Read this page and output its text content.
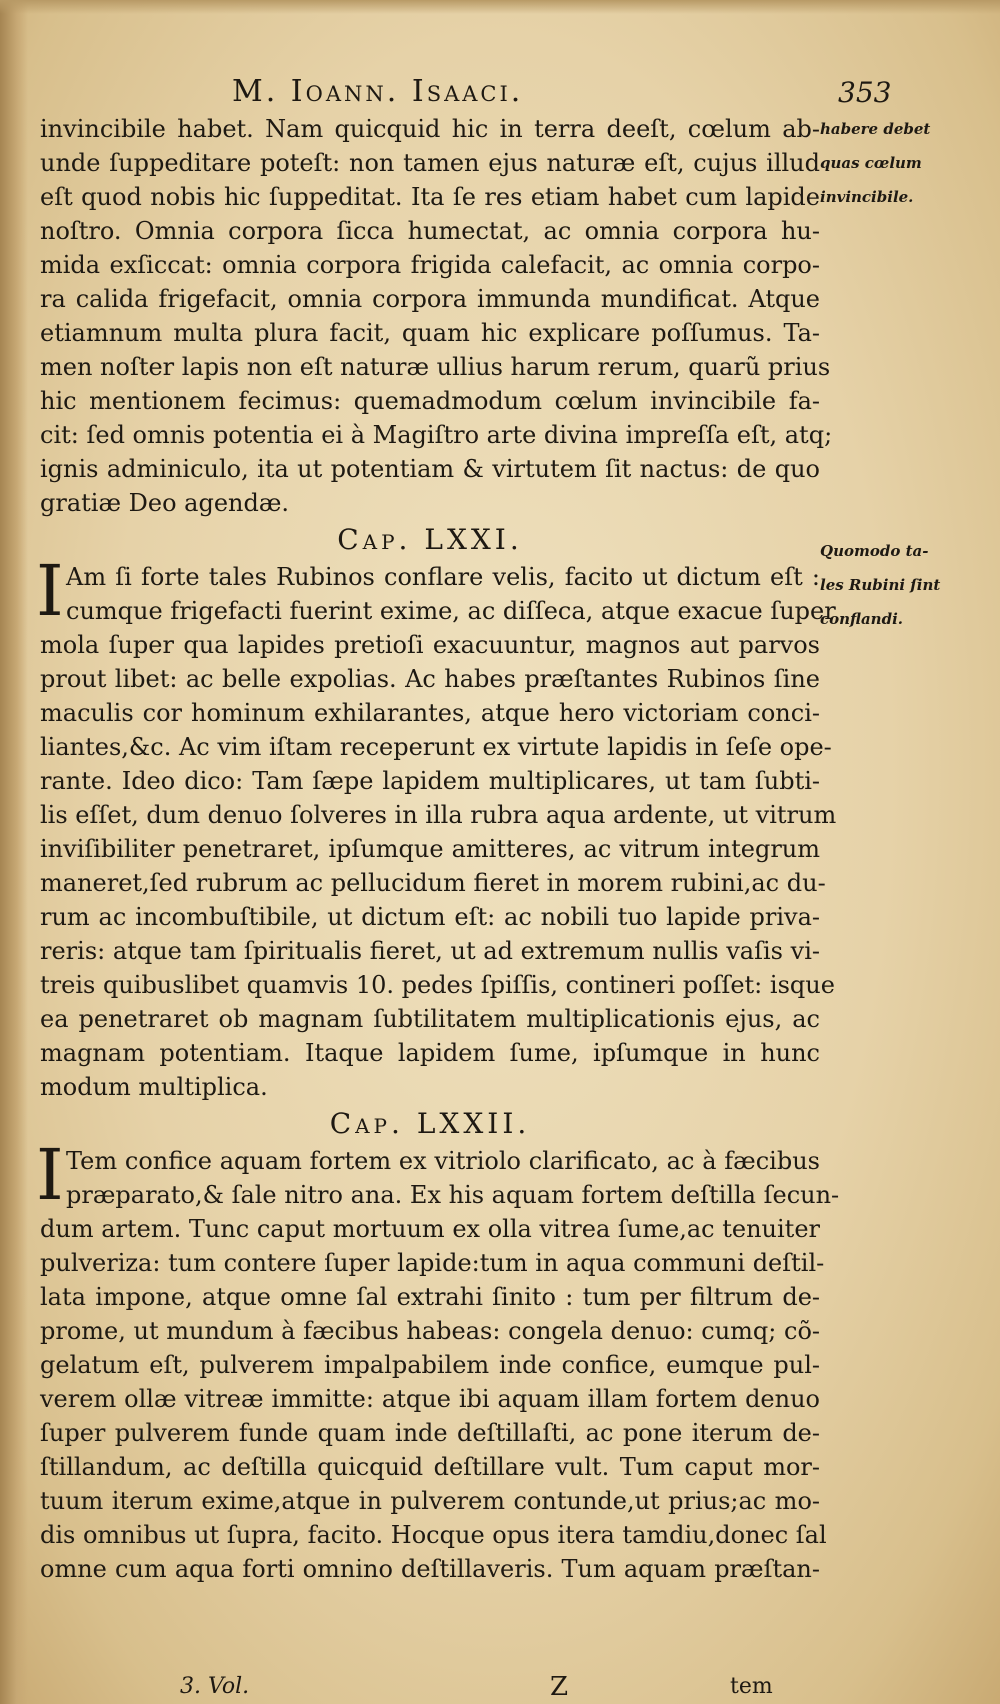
M. Ioann. Isaaci.	353
habere debet
quas cœlum
invincibile.
Quomodo ta-
les Rubini ſint
conflandi.
invincibile habet. Nam quicquid hic in terra deeſt, cœlum ab-
unde ſuppeditare poteſt: non tamen ejus naturæ eſt, cujus illud
eſt quod nobis hic ſuppeditat. Ita ſe res etiam habet cum lapide
noſtro. Omnia corpora ſicca humectat, ac omnia corpora hu-
mida exſiccat: omnia corpora frigida calefacit, ac omnia corpo-
ra calida frigefacit, omnia corpora immunda mundificat. Atque
etiamnum multa plura facit, quam hic explicare poſſumus. Ta-
men noſter lapis non eſt naturæ ullius harum rerum, quarũ prius
hic mentionem fecimus: quemadmodum cœlum invincibile fa-
cit: ſed omnis potentia ei à Magiſtro arte divina impreſſa eſt, atq;
ignis adminiculo, ita ut potentiam & virtutem ſit nactus: de quo
gratiæ Deo agendæ.
Cap. LXXI.
I Am ſi forte tales Rubinos conflare velis, facito ut dictum eſt :
cumque frigefacti fuerint exime, ac diſſeca, atque exacue ſuper
mola ſuper qua lapides pretioſi exacuuntur, magnos aut parvos
prout libet: ac belle expolias. Ac habes præſtantes Rubinos ſine
maculis cor hominum exhilarantes, atque hero victoriam conci-
liantes,&c. Ac vim iſtam receperunt ex virtute lapidis in ſeſe ope-
rante. Ideo dico: Tam ſæpe lapidem multiplicares, ut tam ſubti-
lis eſſet, dum denuo ſolveres in illa rubra aqua ardente, ut vitrum
inviſibiliter penetraret, ipſumque amitteres, ac vitrum integrum
maneret,ſed rubrum ac pellucidum fieret in morem rubini,ac du-
rum ac incombuſtibile, ut dictum eſt: ac nobili tuo lapide priva-
reris: atque tam ſpiritualis fieret, ut ad extremum nullis vaſis vi-
treis quibuslibet quamvis 10. pedes ſpiſſis, contineri poſſet: isque
ea penetraret ob magnam ſubtilitatem multiplicationis ejus, ac
magnam potentiam. Itaque lapidem ſume, ipſumque in hunc
modum multiplica.
Cap. LXXII.
I Tem confice aquam fortem ex vitriolo clarificato, ac à fæcibus
præparato,& ſale nitro ana. Ex his aquam fortem deſtilla ſecun-
dum artem. Tunc caput mortuum ex olla vitrea ſume,ac tenuiter
pulveriza: tum contere ſuper lapide:tum in aqua communi deſtil-
lata impone, atque omne ſal extrahi ſinito : tum per filtrum de-
prome, ut mundum à fæcibus habeas: congela denuo: cumq; cõ-
gelatum eſt, pulverem impalpabilem inde confice, eumque pul-
verem ollæ vitreæ immitte: atque ibi aquam illam fortem denuo
ſuper pulverem funde quam inde deſtillaſti, ac pone iterum de-
ſtillandum, ac deſtilla quicquid deſtillare vult. Tum caput mor-
tuum iterum exime,atque in pulverem contunde,ut prius;ac mo-
dis omnibus ut ſupra, facito. Hocque opus itera tamdiu,donec ſal
omne cum aqua forti omnino deſtillaveris. Tum aquam præſtan-
3. Vol.	Z	tem
